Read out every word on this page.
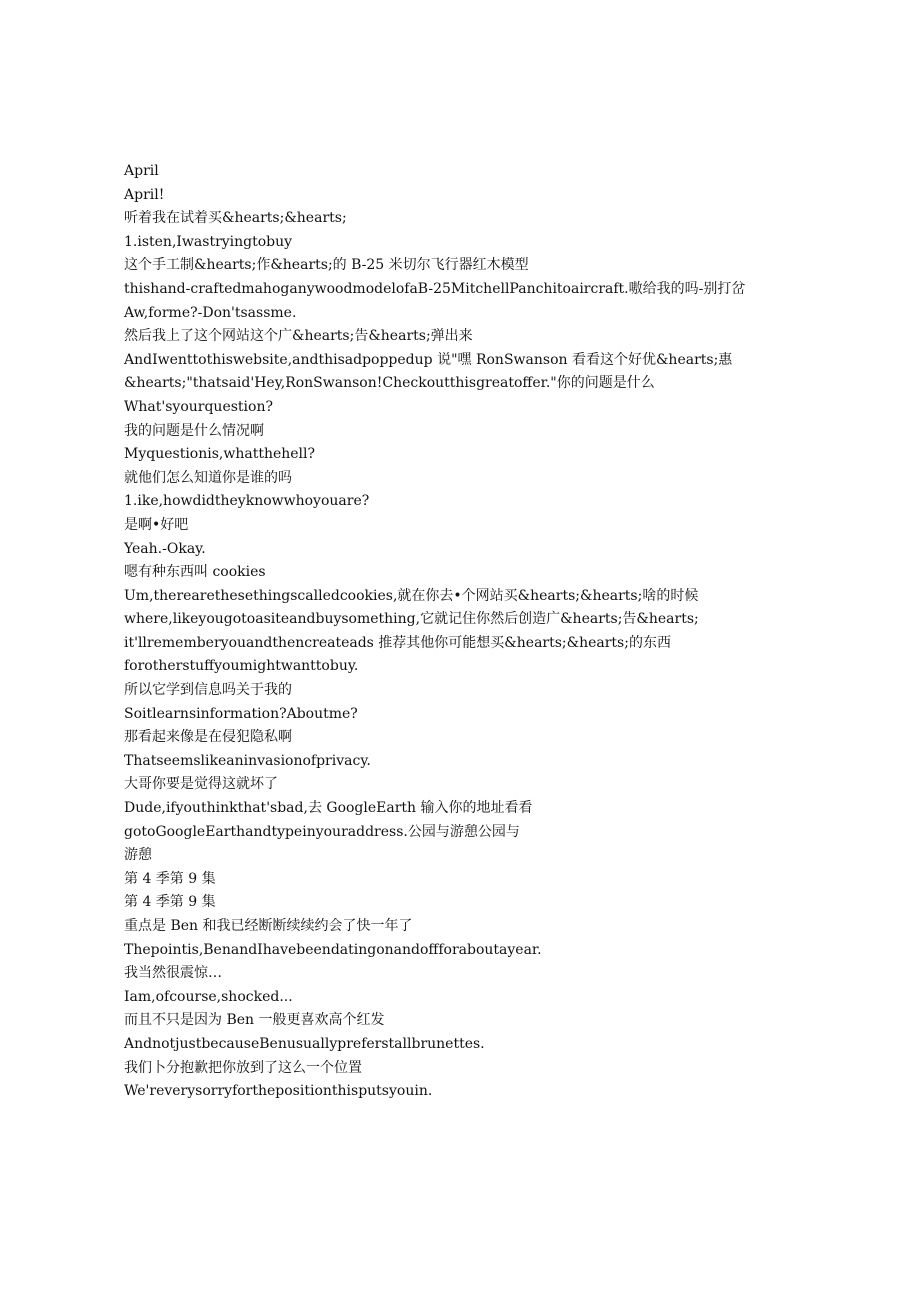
April
April!
听着我在试着买&hearts;&hearts;
1.isten,Iwastryingtobuy
这个手工制&hearts;作&hearts;的 B-25 米切尔飞行器红木模型
thishand-craftedmahoganywoodmodelofaB-25MitchellPanchitoaircraft.嗷给我的吗-别打岔
Aw,forme?-Don'tsassme.
然后我上了这个网站这个广&hearts;告&hearts;弹出来
AndIwenttothiswebsite,andthisadpoppedup 说"嘿 RonSwanson 看看这个好优&hearts;惠
&hearts;"thatsaid'Hey,RonSwanson!Checkoutthisgreatoffer."你的问题是什么
What'syourquestion?
我的问题是什么情况啊
Myquestionis,whatthehell?
就他们怎么知道你是谁的吗
1.ike,howdidtheyknowwhoyouare?
是啊•好吧
Yeah.-Okay.
嗯有种东西叫 cookies
Um,therearethesethingscalledcookies,就在你去•个网站买&hearts;&hearts;啥的时候
where,likeyougotoasiteandbuysomething,它就记住你然后创造广&hearts;告&hearts;
it'llrememberyouandthencreateads 推荐其他你可能想买&hearts;&hearts;的东西
forotherstuffyoumightwanttobuy.
所以它学到信息吗关于我的
Soitlearnsinformation?Aboutme?
那看起来像是在侵犯隐私啊
Thatseemslikeaninvasionofprivacy.
大哥你要是觉得这就坏了
Dude,ifyouthinkthat'sbad,去 GoogleEarth 输入你的地址看看
gotoGoogleEarthandtypeinyouraddress.公园与游憩公园与
游憩
第 4 季第 9 集
第 4 季第 9 集
重点是 Ben 和我已经断断续续约会了快一年了
Thepointis,BenandIhavebeendatingonandoffforaboutayear.
我当然很震惊…
Iam,ofcourse,shocked...
而且不只是因为 Ben 一般更喜欢高个红发
AndnotjustbecauseBenusuallypreferstallbrunettes.
我们卜分抱歉把你放到了这么一个位置
We'reverysorryforthepositionthisputsyouin.
